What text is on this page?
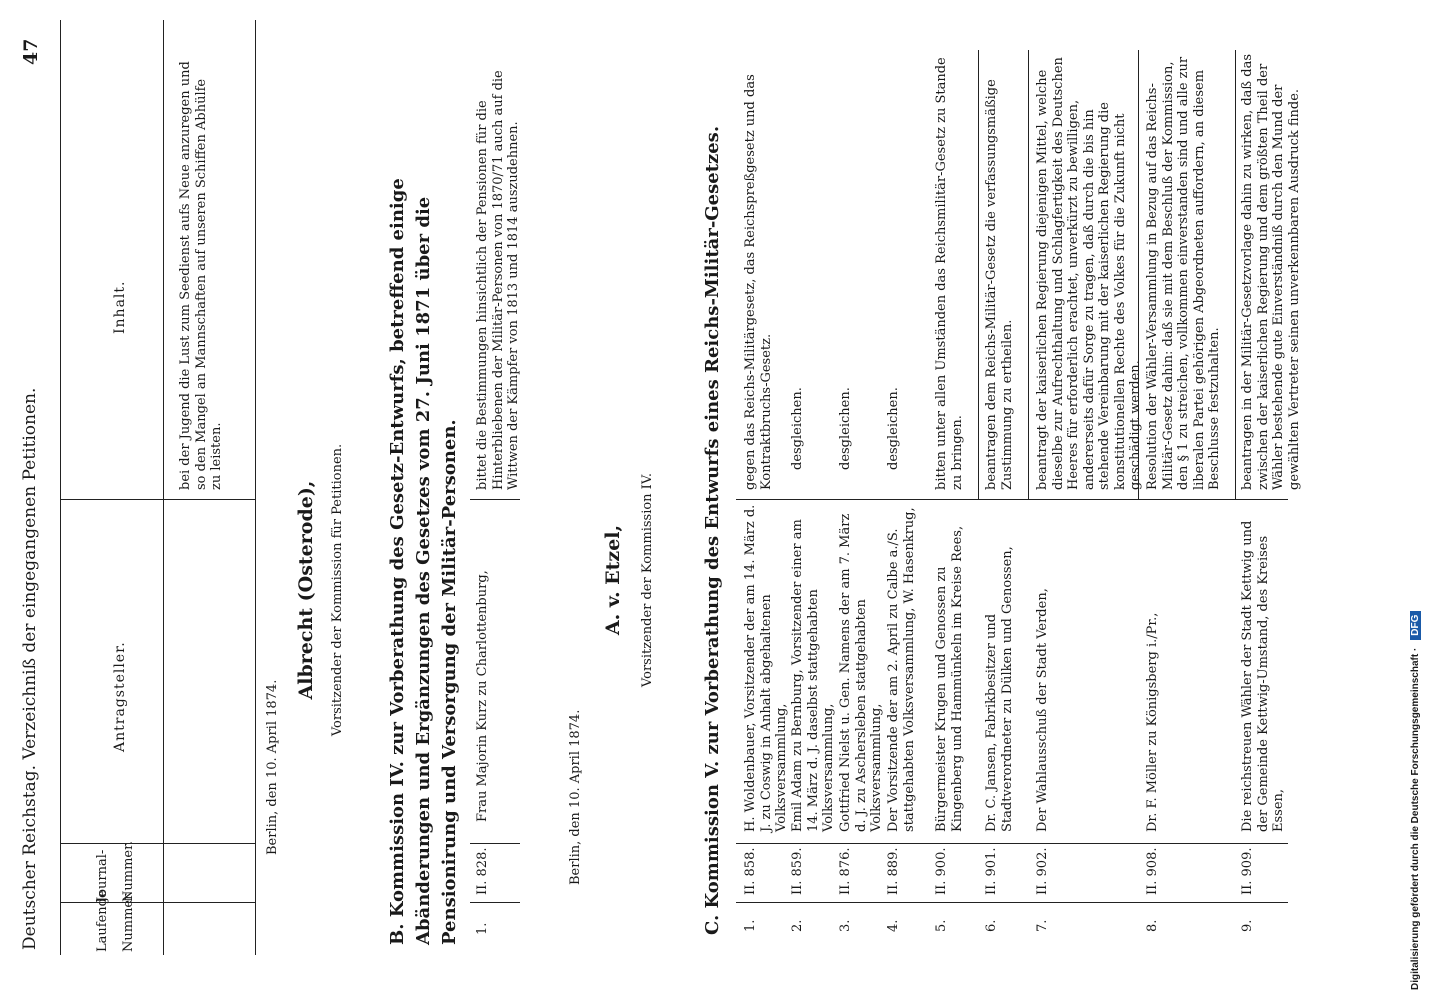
Deutscher Reichstag. Verzeichniß der eingegangenen Petitionen.
47
Laufende Nummer.
Journal-Nummer.
Antragsteller.
Inhalt.	bei der Jugend die Lust zum Seedienst aufs Neue anzuregen und so den Mangel an Mannschaften auf unseren Schiffen Abhülfe zu leisten.
Berlin, den 10. April 1874.
Albrecht (Osterode), Vorsitzender der Kommission für Petitionen. B. Kommission IV. zur Vorberathung des Gesetz-Entwurfs, betreffend einige Abänderungen und Ergänzungen des Gesetzes vom 27. Juni 1871 über die Pensionirung und Versorgung der Militär-Personen. 1.
II. 828.
Frau Majorin Kurz zu Charlottenburg,
bittet die Bestimmungen hinsichtlich der Pensionen für die Hinterbliebenen der Militär-Personen von 1870/71 auch auf die Wittwen der Kämpfer von 1813 und 1814 auszudehnen.
Berlin, den 10. April 1874.
A. v. Etzel, Vorsitzender der Kommission IV.	C. Kommission V. zur Vorberathung des Entwurfs eines Reichs-Militär-Gesetzes. 1.
II. 858.
H. Woldenbauer, Vorsitzender der am 14. März d. J. zu Coswig in Anhalt abgehaltenen Volksversammlung,
gegen das Reichs-Militärgesetz, das Reichspreßgesetz und das Kontraktbruchs-Gesetz.
2.
II. 859.
Emil Adam zu Bernburg, Vorsitzender einer am 14. März d. J. daselbst stattgehabten Volksversammlung,
desgleichen.
3.
II. 876.
Gottfried Nielst u. Gen. Namens der am 7. März d. J. zu Aschersleben stattgehabten Volksversammlung,
desgleichen.
4.
II. 889.
Der Vorsitzende der am 2. April zu Calbe a./S. stattgehabten Volksversammlung, W. Hasenkrug,
desgleichen.
5.
II. 900.
Bürgermeister Krugen und Genossen zu Kingenberg und Hammünkeln im Kreise Rees,
bitten unter allen Umständen das Reichsmilitär-Gesetz zu Stande zu bringen.
6.
II. 901.
Dr. C. Jansen, Fabrikbesitzer und Stadtverordneter zu Dülken und Genossen,
beantragen dem Reichs-Militär-Gesetz die verfassungsmäßige Zustimmung zu ertheilen.
7.
II. 902.
Der Wahlausschuß der Stadt Verden,
beantragt der kaiserlichen Regierung diejenigen Mittel, welche dieselbe zur Aufrechthaltung und Schlagfertigkeit des Deutschen Heeres für erforderlich erachtet, unverkürzt zu bewilligen, andererseits dafür Sorge zu tragen, daß durch die bis hin stehende Vereinbarung mit der kaiserlichen Regierung die konstitutionellen Rechte des Volkes für die Zukunft nicht geschädigt werden.
8.
II. 908.
Dr. F. Möller zu Königsberg i./Pr.,
Resolution der Wähler-Versammlung in Bezug auf das Reichs-Militär-Gesetz dahin: daß sie mit dem Beschluß der Kommission, den § 1 zu streichen, vollkommen einverstanden sind und alle zur liberalen Partei gehörigen Abgeordneten auffordern, an diesem Beschlusse festzuhalten.
9.
II. 909.
Die reichstreuen Wähler der Stadt Kettwig und der Gemeinde Kettwig-Umstand, des Kreises Essen,
beantragen in der Militär-Gesetzvorlage dahin zu wirken, daß das zwischen der kaiserlichen Regierung und dem größten Theil der Wähler bestehende gute Einverständniß durch den Mund der gewählten Vertreter seinen unverkennbaren Ausdruck finde.
Digitalisierung gefördert durch die Deutsche Forschungsgemeinschaft ·DFG
